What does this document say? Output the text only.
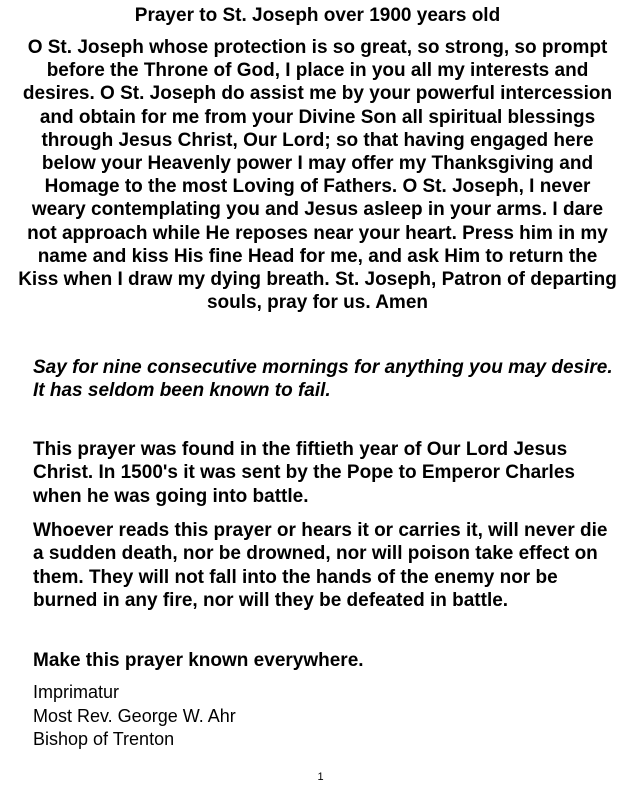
Prayer to St. Joseph over 1900 years old

O St. Joseph whose protection is so great, so strong, so prompt before the Throne of God, I place in you all my interests and desires. O St. Joseph do assist me by your powerful intercession and obtain for me from your Divine Son all spiritual blessings through Jesus Christ, Our Lord; so that having engaged here below your Heavenly power I may offer my Thanksgiving and Homage to the most Loving of Fathers. O St. Joseph, I never weary contemplating you and Jesus asleep in your arms. I dare not approach while He reposes near your heart. Press him in my name and kiss His fine Head for me, and ask Him to return the Kiss when I draw my dying breath. St. Joseph, Patron of departing souls, pray for us. Amen

Say for nine consecutive mornings for anything you may desire. It has seldom been known to fail.

This prayer was found in the fiftieth year of Our Lord Jesus Christ. In 1500's it was sent by the Pope to Emperor Charles when he was going into battle.

Whoever reads this prayer or hears it or carries it, will never die a sudden death, nor be drowned, nor will poison take effect on them. They will not fall into the hands of the enemy nor be burned in any fire, nor will they be defeated in battle.

Make this prayer known everywhere.

Imprimatur
Most Rev. George W. Ahr
Bishop of Trenton
1
